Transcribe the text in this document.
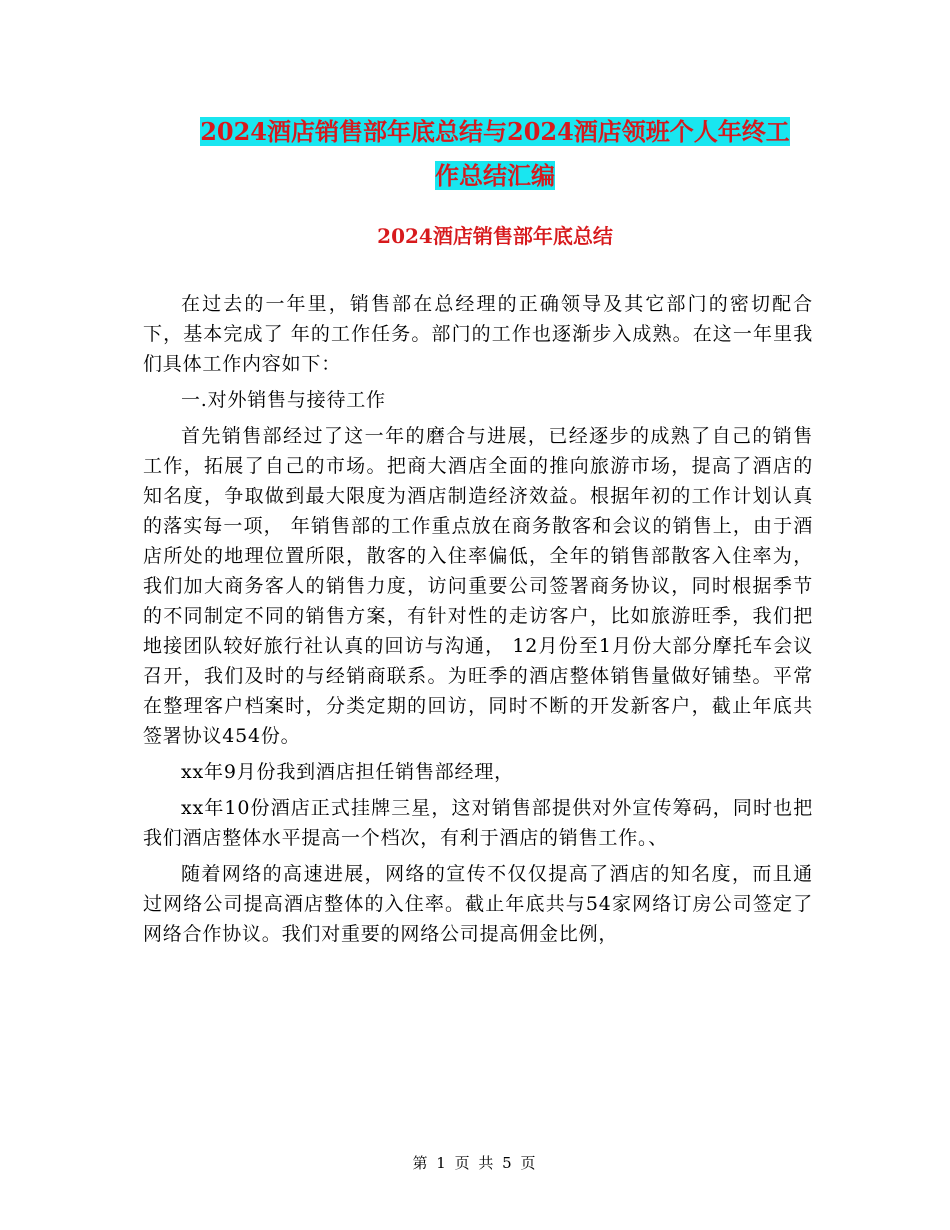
2024酒店销售部年底总结与2024酒店领班个人年终工
作总结汇编
2024酒店销售部年底总结

在过去的一年里，销售部在总经理的正确领导及其它部门的密切配合下，基本完成了 年的工作任务。部门的工作也逐渐步入成熟。在这一年里我们具体工作内容如下：

一.对外销售与接待工作

首先销售部经过了这一年的磨合与进展，已经逐步的成熟了自己的销售工作，拓展了自己的市场。把商大酒店全面的推向旅游市场，提高了酒店的知名度，争取做到最大限度为酒店制造经济效益。根据年初的工作计划认真的落实每一项， 年销售部的工作重点放在商务散客和会议的销售上，由于酒店所处的地理位置所限，散客的入住率偏低，全年的销售部散客入住率为，我们加大商务客人的销售力度，访问重要公司签署商务协议，同时根据季节的不同制定不同的销售方案，有针对性的走访客户，比如旅游旺季，我们把地接团队较好旅行社认真的回访与沟通， 12月份至1月份大部分摩托车会议召开，我们及时的与经销商联系。为旺季的酒店整体销售量做好铺垫。平常在整理客户档案时，分类定期的回访，同时不断的开发新客户，截止年底共签署协议454份。

xx年9月份我到酒店担任销售部经理，

xx年10份酒店正式挂牌三星，这对销售部提供对外宣传筹码，同时也把我们酒店整体水平提高一个档次，有利于酒店的销售工作。、

随着网络的高速进展，网络的宣传不仅仅提高了酒店的知名度，而且通过网络公司提高酒店整体的入住率。截止年底共与54家网络订房公司签定了网络合作协议。我们对重要的网络公司提高佣金比例，

第 1 页 共 5 页
